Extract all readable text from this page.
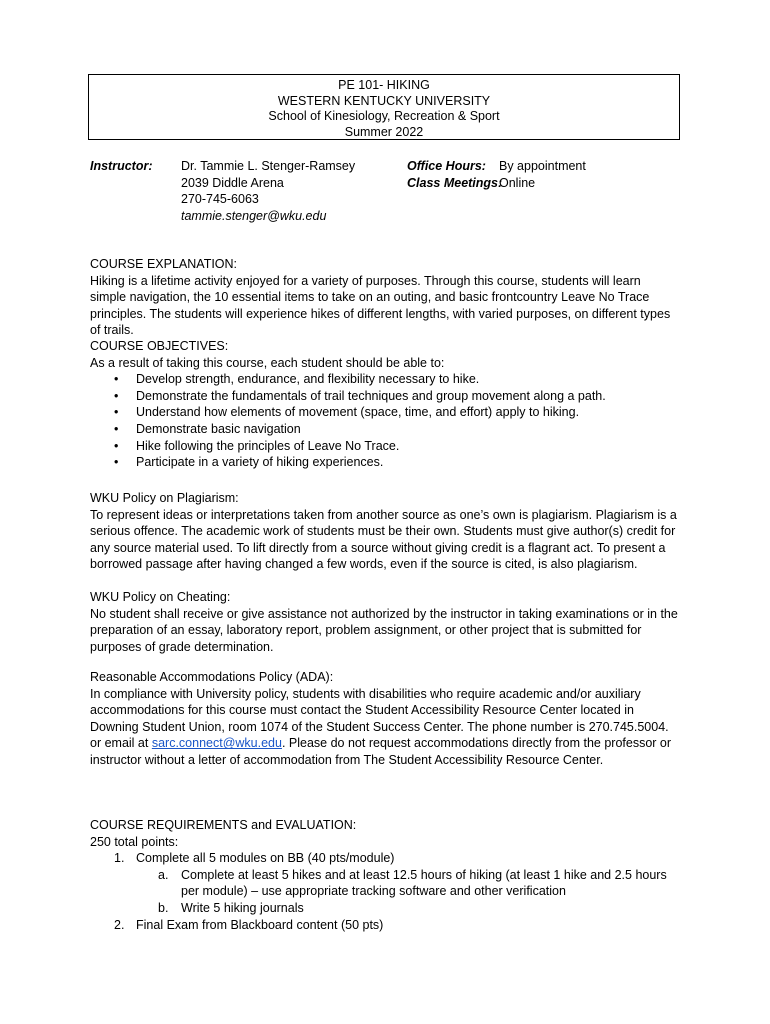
PE 101- HIKING
WESTERN KENTUCKY UNIVERSITY
School of Kinesiology, Recreation & Sport
Summer 2022
Instructor: Dr. Tammie L. Stenger-Ramsey
2039 Diddle Arena
270-745-6063
tammie.stenger@wku.edu
Office Hours:
Class Meetings:
By appointment
Online
COURSE EXPLANATION:

Hiking is a lifetime activity enjoyed for a variety of purposes. Through this course, students will learn simple navigation, the 10 essential items to take on an outing, and basic frontcountry Leave No Trace principles. The students will experience hikes of different lengths, with varied purposes, on different types of trails.

COURSE OBJECTIVES:
As a result of taking this course, each student should be able to:
• Develop strength, endurance, and flexibility necessary to hike.
• Demonstrate the fundamentals of trail techniques and group movement along a path.
• Understand how elements of movement (space, time, and effort) apply to hiking.
• Demonstrate basic navigation
• Hike following the principles of Leave No Trace.
• Participate in a variety of hiking experiences.
WKU Policy on Plagiarism:

To represent ideas or interpretations taken from another source as one’s own is plagiarism. Plagiarism is a serious offence. The academic work of students must be their own. Students must give author(s) credit for any source material used. To lift directly from a source without giving credit is a flagrant act. To present a borrowed passage after having changed a few words, even if the source is cited, is also plagiarism.

WKU Policy on Cheating:

No student shall receive or give assistance not authorized by the instructor in taking examinations or in the preparation of an essay, laboratory report, problem assignment, or other project that is submitted for purposes of grade determination.

Reasonable Accommodations Policy (ADA):

In compliance with University policy, students with disabilities who require academic and/or auxiliary accommodations for this course must contact the Student Accessibility Resource Center located in Downing Student Union, room 1074 of the Student Success Center. The phone number is 270.745.5004. or email at sarc.connect@wku.edu. Please do not request accommodations directly from the professor or instructor without a letter of accommodation from The Student Accessibility Resource Center.

COURSE REQUIREMENTS and EVALUATION:
250 total points:
1. Complete all 5 modules on BB (40 pts/module)
a. Complete at least 5 hikes and at least 12.5 hours of hiking (at least 1 hike and 2.5 hours per module) – use appropriate tracking software and other verification
b. Write 5 hiking journals
2. Final Exam from Blackboard content (50 pts)
